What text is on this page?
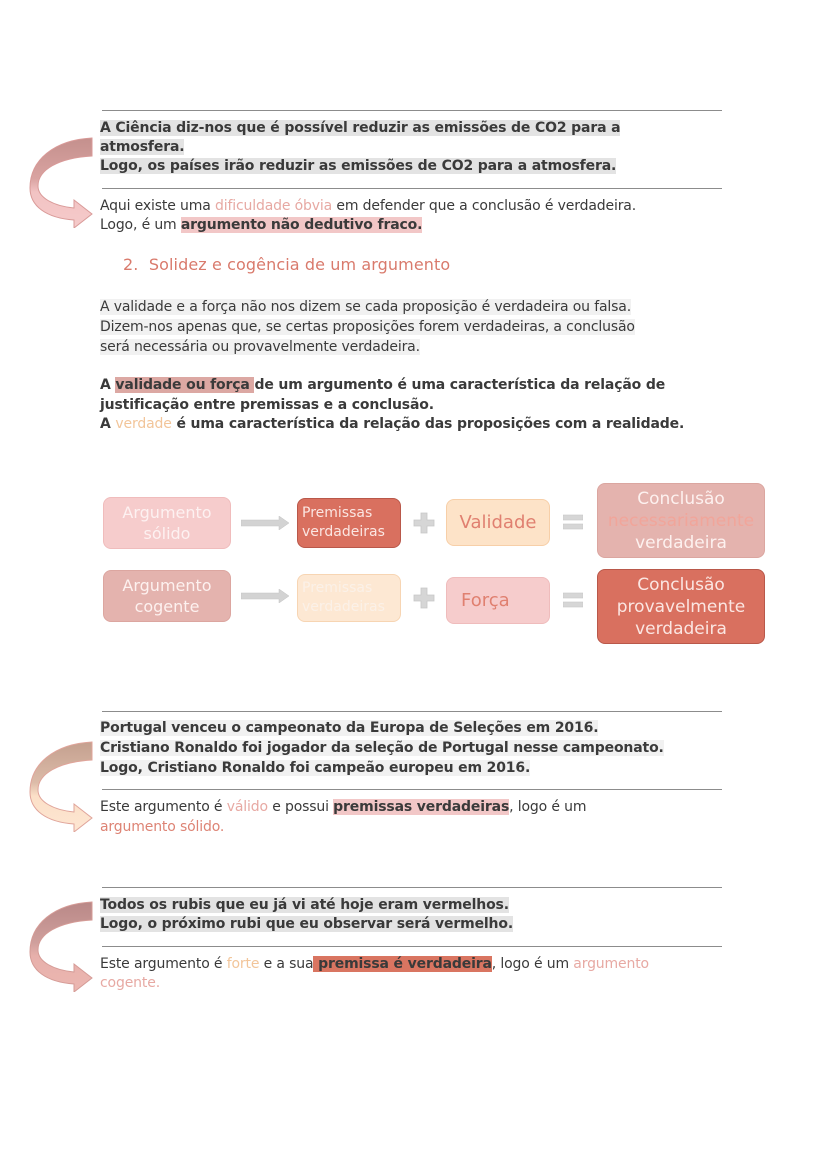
A Ciência diz-nos que é possível reduzir as emissões de CO2 para a
atmosfera.
Logo, os países irão reduzir as emissões de CO2 para a atmosfera.
Aqui existe uma dificuldade óbvia em defender que a conclusão é verdadeira.
Logo, é um argumento não dedutivo fraco.
2. Solidez e cogência de um argumento
A validade e a força não nos dizem se cada proposição é verdadeira ou falsa.
Dizem-nos apenas que, se certas proposições forem verdadeiras, a conclusão
será necessária ou provavelmente verdadeira.
A validade ou força de um argumento é uma característica da relação de
justificação entre premissas e a conclusão.
A verdade é uma característica da relação das proposições com a realidade.
Argumento
sólido
Premissas
verdadeiras	Validade
Conclusão
necessariamente
verdadeira
Argumento
cogente
Premissas
verdadeiras	Força
Conclusão
provavelmente
verdadeira
Portugal venceu o campeonato da Europa de Seleções em 2016.
Cristiano Ronaldo foi jogador da seleção de Portugal nesse campeonato.
Logo, Cristiano Ronaldo foi campeão europeu em 2016.
Este argumento é válido e possui premissas verdadeiras, logo é um
argumento sólido.
Todos os rubis que eu já vi até hoje eram vermelhos.
Logo, o próximo rubi que eu observar será vermelho.
Este argumento é forte e a sua premissa é verdadeira, logo é um argumento
cogente.
